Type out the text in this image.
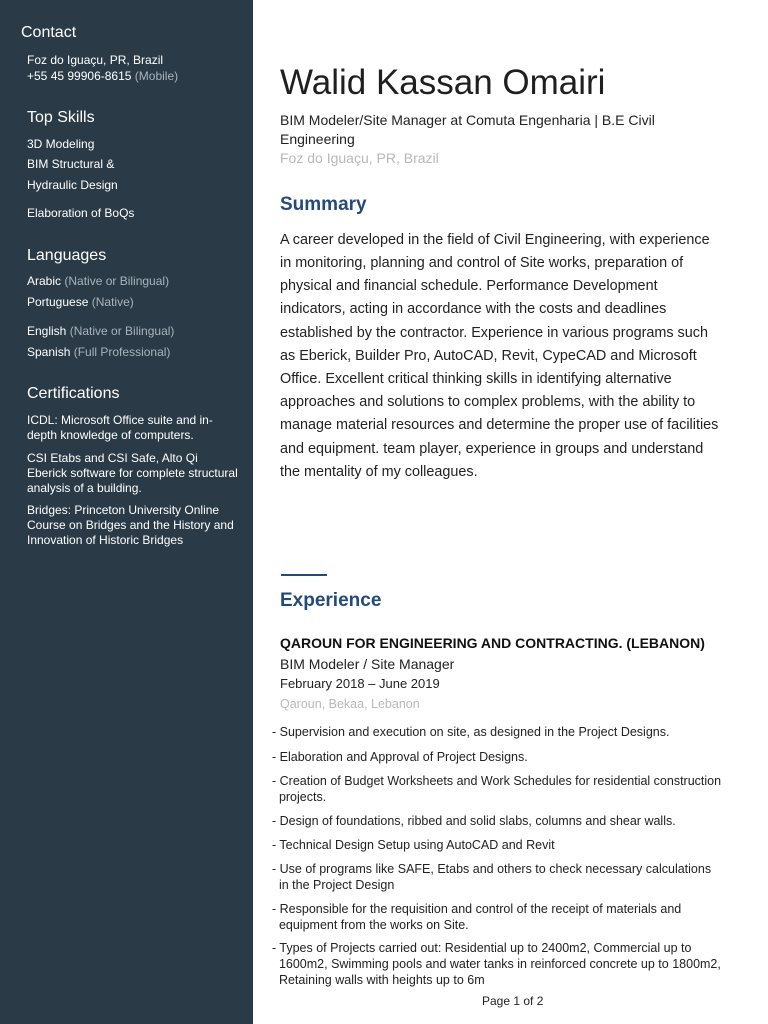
Contact
Foz do Iguaçu, PR, Brazil
+55 45 99906-8615 (Mobile)
Top Skills
3D Modeling
BIM Structural &
Hydraulic Design
Elaboration of BoQs
Languages
Arabic (Native or Bilingual)
Portuguese (Native)
English (Native or Bilingual)
Spanish (Full Professional)
Certifications
ICDL: Microsoft Office suite and in-
depth knowledge of computers.
CSI Etabs and CSI Safe, Alto Qi
Eberick software for complete structural
analysis of a building.
Bridges: Princeton University Online
Course on Bridges and the History and
Innovation of Historic Bridges
Walid Kassan Omairi
BIM Modeler/Site Manager at Comuta Engenharia | B.E Civil
Engineering
Foz do Iguaçu, PR, Brazil
Summary
A career developed in the field of Civil Engineering, with experience
in monitoring, planning and control of Site works, preparation of
physical and financial schedule. Performance Development
indicators, acting in accordance with the costs and deadlines
established by the contractor. Experience in various programs such
as Eberick, Builder Pro, AutoCAD, Revit, CypeCAD and Microsoft
Office. Excellent critical thinking skills in identifying alternative
approaches and solutions to complex problems, with the ability to
manage material resources and determine the proper use of facilities
and equipment. team player, experience in groups and understand
the mentality of my colleagues.
Experience
QAROUN FOR ENGINEERING AND CONTRACTING. (LEBANON)
BIM Modeler / Site Manager
February 2018 – June 2019
Qaroun, Bekaa, Lebanon
- Supervision and execution on site, as designed in the Project Designs.
- Elaboration and Approval of Project Designs.
- Creation of Budget Worksheets and Work Schedules for residential construction
projects.
- Design of foundations, ribbed and solid slabs, columns and shear walls.
- Technical Design Setup using AutoCAD and Revit
- Use of programs like SAFE, Etabs and others to check necessary calculations
in the Project Design
- Responsible for the requisition and control of the receipt of materials and
equipment from the works on Site.
- Types of Projects carried out: Residential up to 2400m2, Commercial up to
1600m2, Swimming pools and water tanks in reinforced concrete up to 1800m2,
Retaining walls with heights up to 6m
Page 1 of 2
